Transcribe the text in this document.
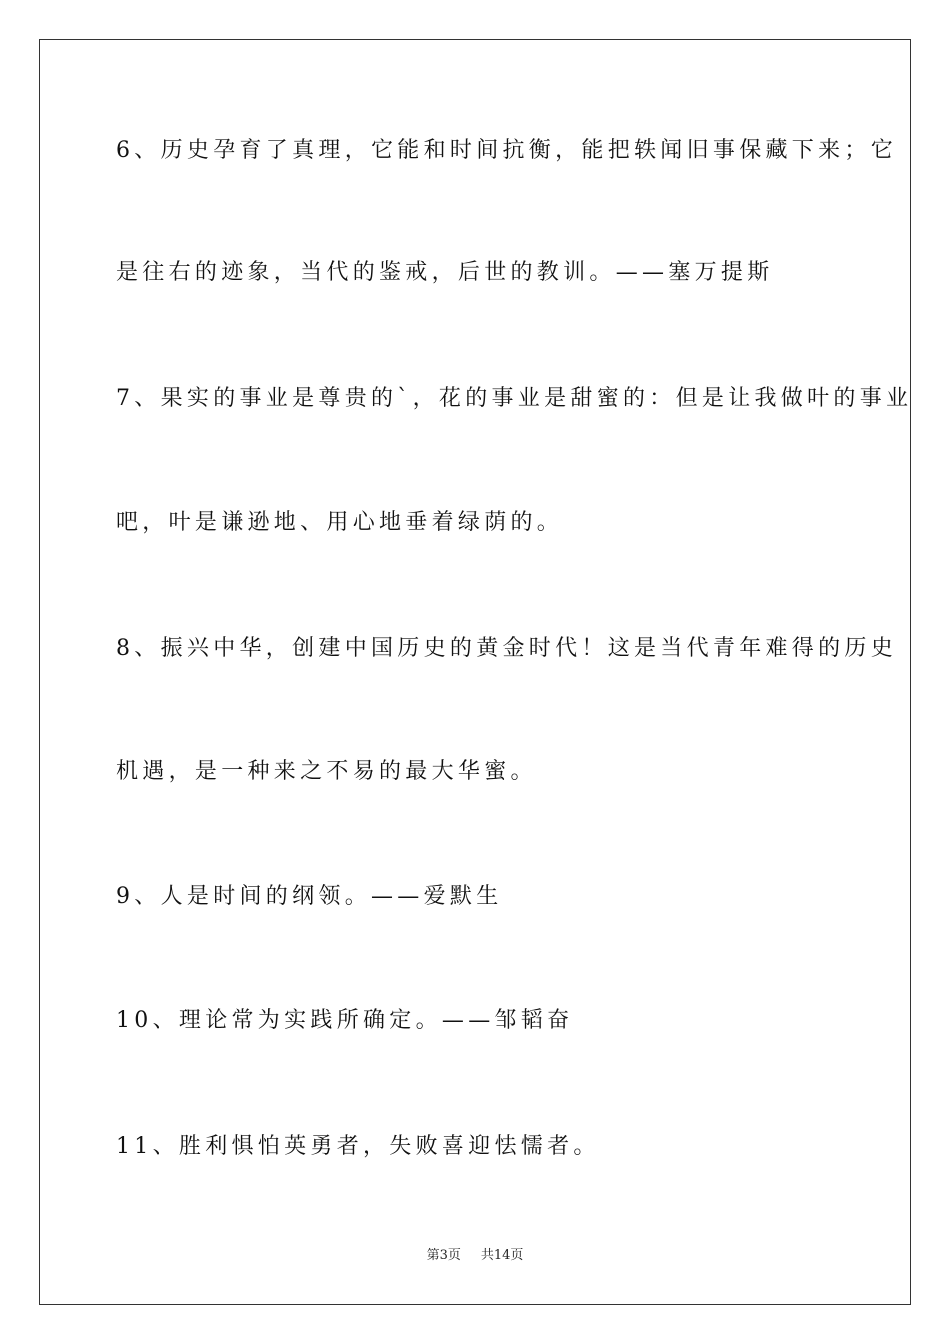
6、历史孕育了真理，它能和时间抗衡，能把轶闻旧事保藏下来；它
是往右的迹象，当代的鉴戒，后世的教训。——塞万提斯
7、果实的事业是尊贵的`，花的事业是甜蜜的：但是让我做叶的事业
吧，叶是谦逊地、用心地垂着绿荫的。
8、振兴中华，创建中国历史的黄金时代！这是当代青年难得的历史
机遇，是一种来之不易的最大华蜜。
9、人是时间的纲领。——爱默生
10、理论常为实践所确定。——邹韬奋
11、胜利惧怕英勇者，失败喜迎怯懦者。
第3页 共14页
